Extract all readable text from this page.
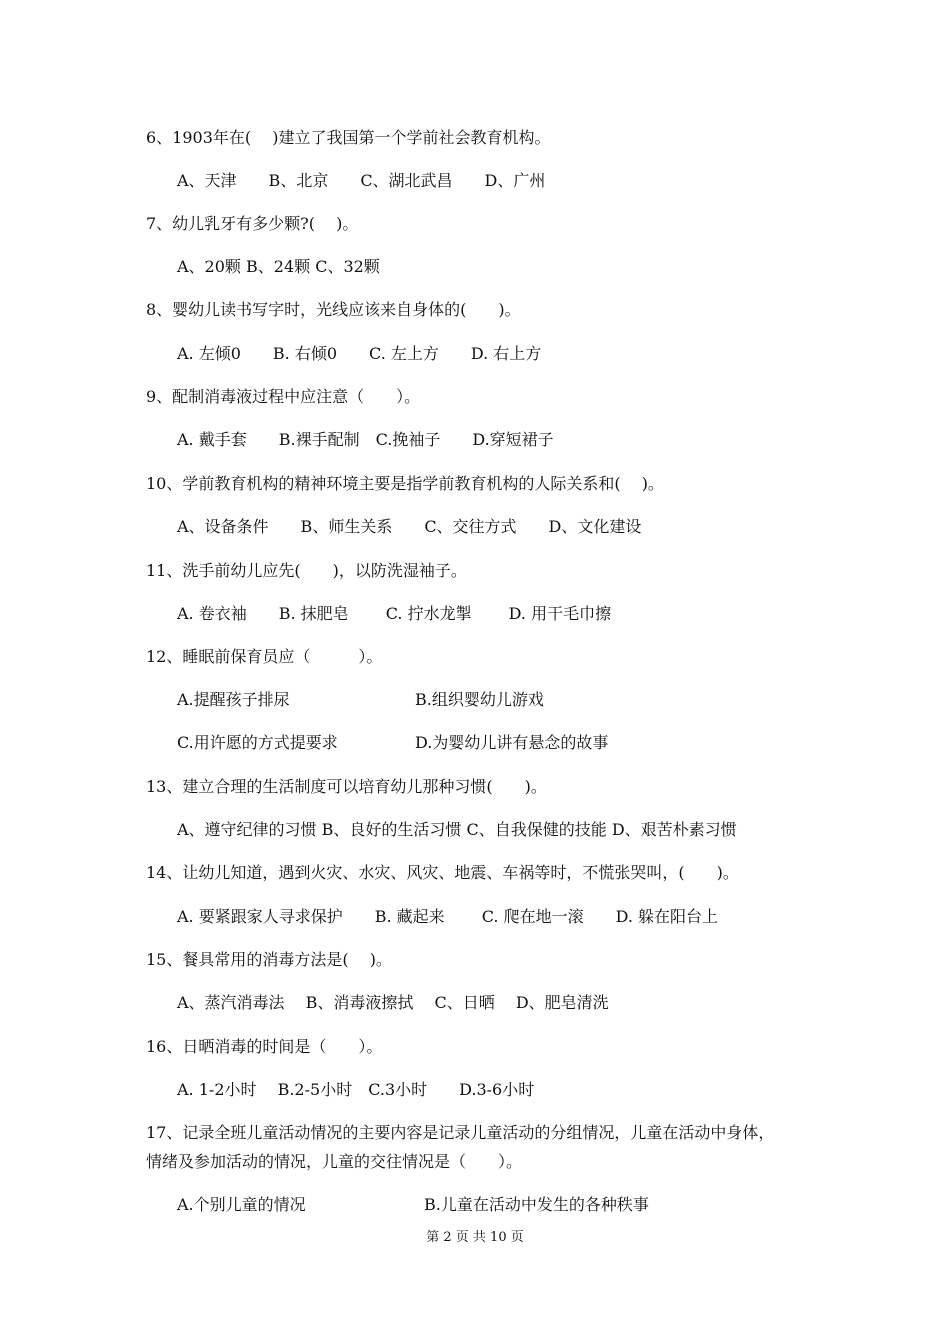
6、1903年在(　 )建立了我国第一个学前社会教育机构。
A、天津　　B、北京　　C、湖北武昌　　D、广州
7、幼儿乳牙有多少颗?(　 )。
A、20颗 B、24颗 C、32颗
8、婴幼儿读书写字时，光线应该来自身体的(　　)。
A. 左倾0　　B. 右倾0　　C. 左上方　　D. 右上方
9、配制消毒液过程中应注意（　　）。
A. 戴手套　　B.裸手配制　C.挽袖子　　D.穿短裙子
10、学前教育机构的精神环境主要是指学前教育机构的人际关系和(　 )。
A、设备条件　　B、师生关系　　C、交往方式　　D、文化建设
11、洗手前幼儿应先(　　)，以防洗湿袖子。
A. 卷衣袖　　B. 抹肥皂　　 C. 拧水龙掣　　 D. 用干毛巾擦
12、睡眠前保育员应（　　　）。
A.提醒孩子排尿	B.组织婴幼儿游戏
C.用许愿的方式提要求	D.为婴幼儿讲有悬念的故事
13、建立合理的生活制度可以培育幼儿那种习惯(　　)。
A、遵守纪律的习惯 B、良好的生活习惯 C、自我保健的技能 D、艰苦朴素习惯
14、让幼儿知道，遇到火灾、水灾、风灾、地震、车祸等时，不慌张哭叫，(　　)。
A. 要紧跟家人寻求保护　　B. 藏起来　　 C. 爬在地一滚　　D. 躲在阳台上
15、餐具常用的消毒方法是(　 )。
A、蒸汽消毒法　 B、消毒液擦拭　 C、日晒　 D、肥皂清洗
16、日晒消毒的时间是（　　）。
A. 1-2小时　 B.2-5小时　C.3小时　　D.3-6小时
17、记录全班儿童活动情况的主要内容是记录儿童活动的分组情况，儿童在活动中身体，
情绪及参加活动的情况，儿童的交往情况是（　　）。
A.个别儿童的情况	B.儿童在活动中发生的各种秩事
第 2 页 共 10 页
